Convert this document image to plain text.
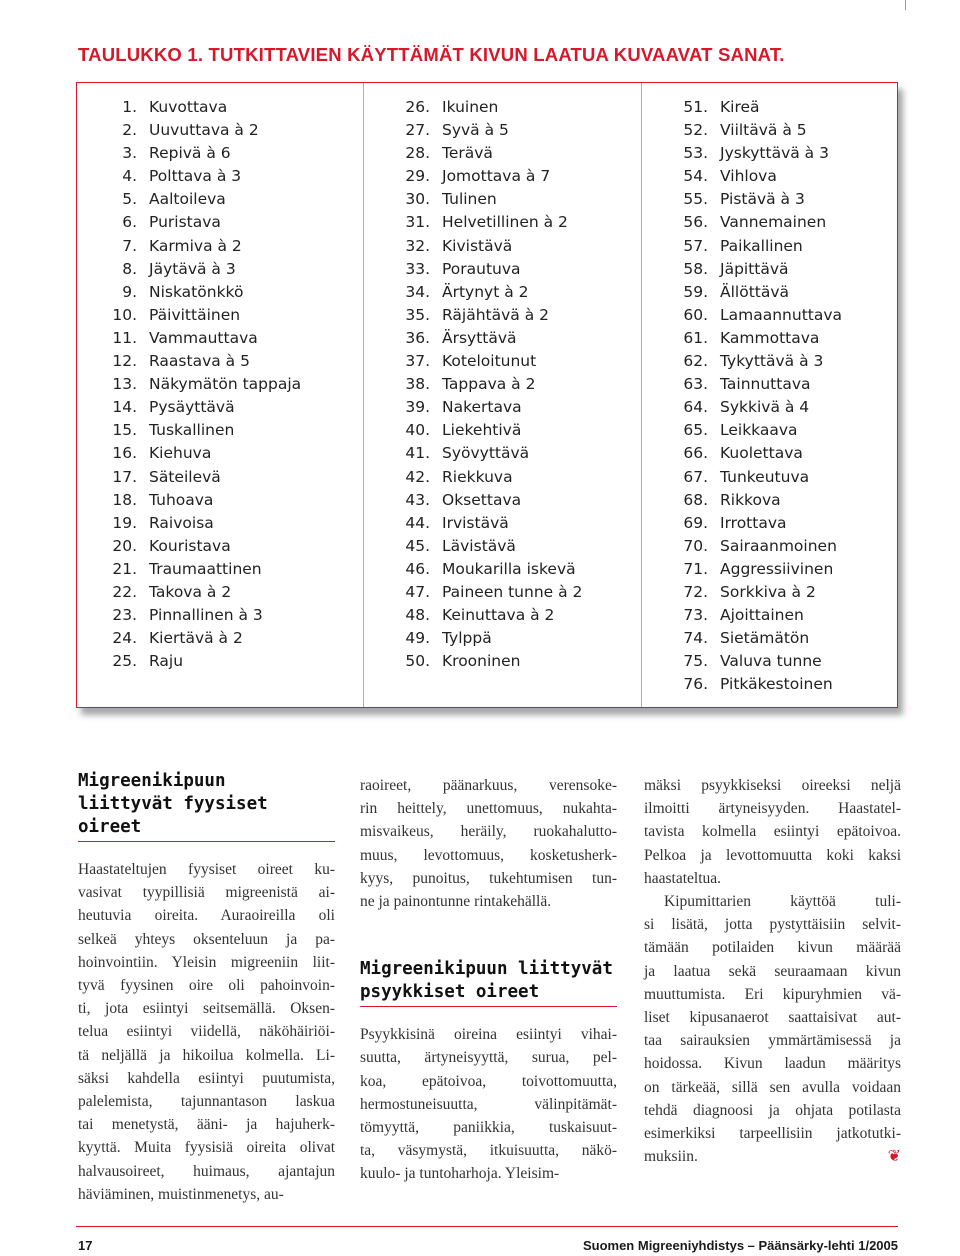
TAULUKKO 1. TUTKITTAVIEN KÄYTTÄMÄT KIVUN LAATUA KUVAAVAT SANAT.
1. Kuvottava
2. Uuvuttava à 2
3. Repivä à 6
4. Polttava à 3
5. Aaltoileva
6. Puristava
7. Karmiva à 2
8. Jäytävä à 3
9. Niskatönkkö
10. Päivittäinen
11. Vammauttava
12. Raastava à 5
13. Näkymätön tappaja
14. Pysäyttävä
15. Tuskallinen
16. Kiehuva
17. Säteilevä
18. Tuhoava
19. Raivoisa
20. Kouristava
21. Traumaattinen
22. Takova à 2
23. Pinnallinen à 3
24. Kiertävä à 2
25. Raju
26. Ikuinen
27. Syvä à 5
28. Terävä
29. Jomottava à 7
30. Tulinen
31. Helvetillinen à 2
32. Kivistävä
33. Porautuva
34. Ärtynyt à 2
35. Räjähtävä à 2
36. Ärsyttävä
37. Koteloitunut
38. Tappava à 2
39. Nakertava
40. Liekehtivä
41. Syövyttävä
42. Riekkuva
43. Oksettava
44. Irvistävä
45. Lävistävä
46. Moukarilla iskevä
47. Paineen tunne à 2
48. Keinuttava à 2
49. Tylppä
50. Krooninen
51. Kireä
52. Viiltävä à 5
53. Jyskyttävä à 3
54. Vihlova
55. Pistävä à 3
56. Vannemainen
57. Paikallinen
58. Jäpittävä
59. Ällöttävä
60. Lamaannuttava
61. Kammottava
62. Tykyttävä à 3
63. Tainnuttava
64. Sykkivä à 4
65. Leikkaava
66. Kuolettava
67. Tunkeutuva
68. Rikkova
69. Irrottava
70. Sairaanmoinen
71. Aggressiivinen
72. Sorkkiva à 2
73. Ajoittainen
74. Sietämätön
75. Valuva tunne
76. Pitkäkestoinen
Migreenikipuun
liittyvät fyysiset oireet
Haastateltujen fyysiset oireet ku-
vasivat tyypillisiä migreenistä ai-
heutuvia oireita. Auraoireilla oli
selkeä yhteys oksenteluun ja pa-
hoinvointiin. Yleisin migreeniin liit-
tyvä fyysinen oire oli pahoinvoin-
ti, jota esiintyi seitsemällä. Oksen-
telua esiintyi viidellä, näköhäiriöi-
tä neljällä ja hikoilua kolmella. Li-
säksi kahdella esiintyi puutumista,
palelemista, tajunnantason laskua
tai menetystä, ääni- ja hajuherk-
kyyttä. Muita fyysisiä oireita olivat
halvausoireet, huimaus, ajantajun
häviäminen, muistinmenetys, au-
raoireet, päänarkuus, verensoke-
rin heittely, unettomuus, nukahta-
misvaikeus, heräily, ruokahalutto-
muus, levottomuus, kosketusherk-
kyys, punoitus, tukehtumisen tun-
ne ja painontunne rintakehällä.
Migreenikipuun liittyvät
psyykkiset oireet
Psyykkisinä oireina esiintyi vihai-
suutta, ärtyneisyyttä, surua, pel-
koa, epätoivoa, toivottomuutta,
hermostuneisuutta, välinpitämät-
tömyyttä, paniikkia, tuskaisuut-
ta, väsymystä, itkuisuutta, näkö-
kuulo- ja tuntoharhoja. Yleisim-
mäksi psyykkiseksi oireeksi neljä
ilmoitti ärtyneisyyden. Haastatel-
tavista kolmella esiintyi epätoivoa.
Pelkoa ja levottomuutta koki kaksi
haastateltua.
Kipumittarien käyttöä tuli-
si lisätä, jotta pystyttäisiin selvit-
tämään potilaiden kivun määrää
ja laatua sekä seuraamaan kivun
muuttumista. Eri kipuryhmien vä-
liset kipusanaerot saattaisivat aut-
taa sairauksien ymmärtämisessä ja
hoidossa. Kivun laadun määritys
on tärkeää, sillä sen avulla voidaan
tehdä diagnoosi ja ohjata potilasta
esimerkiksi tarpeellisiin jatkotutki-
muksiin.	❦
17	Suomen Migreeniyhdistys – Päänsärky-lehti 1/2005
